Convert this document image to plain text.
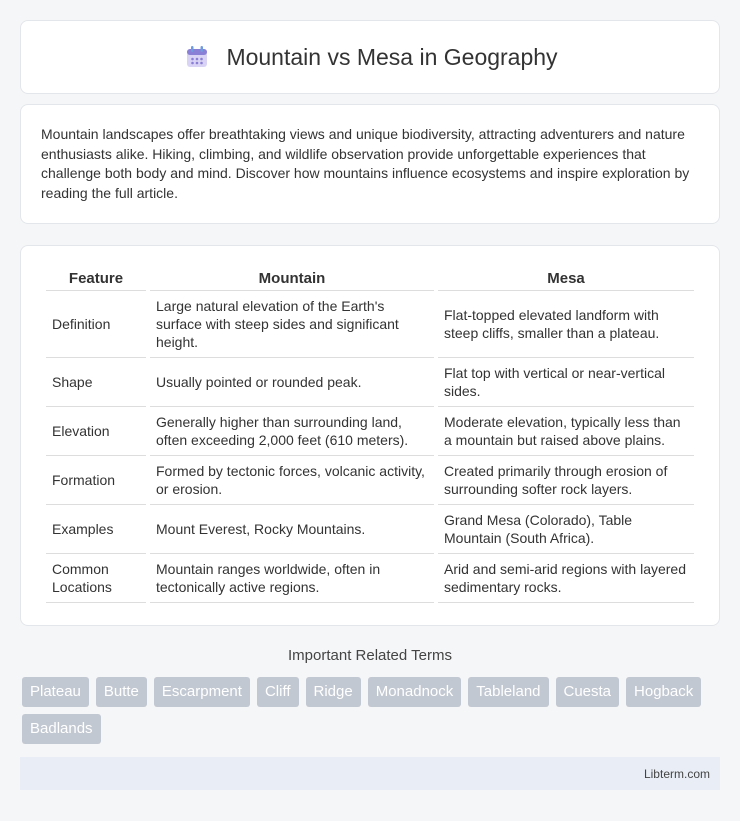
Mountain vs Mesa in Geography

Mountain landscapes offer breathtaking views and unique biodiversity, attracting adventurers and nature enthusiasts alike. Hiking, climbing, and wildlife observation provide unforgettable experiences that challenge both body and mind. Discover how mountains influence ecosystems and inspire exploration by reading the full article.

Feature	Mountain	Mesa
Definition	Large natural elevation of the Earth's surface with steep sides and significant height.	Flat-topped elevated landform with steep cliffs, smaller than a plateau.
Shape	Usually pointed or rounded peak.	Flat top with vertical or near-vertical sides.
Elevation	Generally higher than surrounding land, often exceeding 2,000 feet (610 meters).	Moderate elevation, typically less than a mountain but raised above plains.
Formation	Formed by tectonic forces, volcanic activity, or erosion.	Created primarily through erosion of surrounding softer rock layers.
Examples	Mount Everest, Rocky Mountains.	Grand Mesa (Colorado), Table Mountain (South Africa).
Common Locations	Mountain ranges worldwide, often in tectonically active regions.	Arid and semi-arid regions with layered sedimentary rocks.
Important Related Terms
Plateau	Butte	Escarpment	Cliff	Ridge	Monadnock	Tableland	Cuesta	Hogback
Badlands
Libterm.com
